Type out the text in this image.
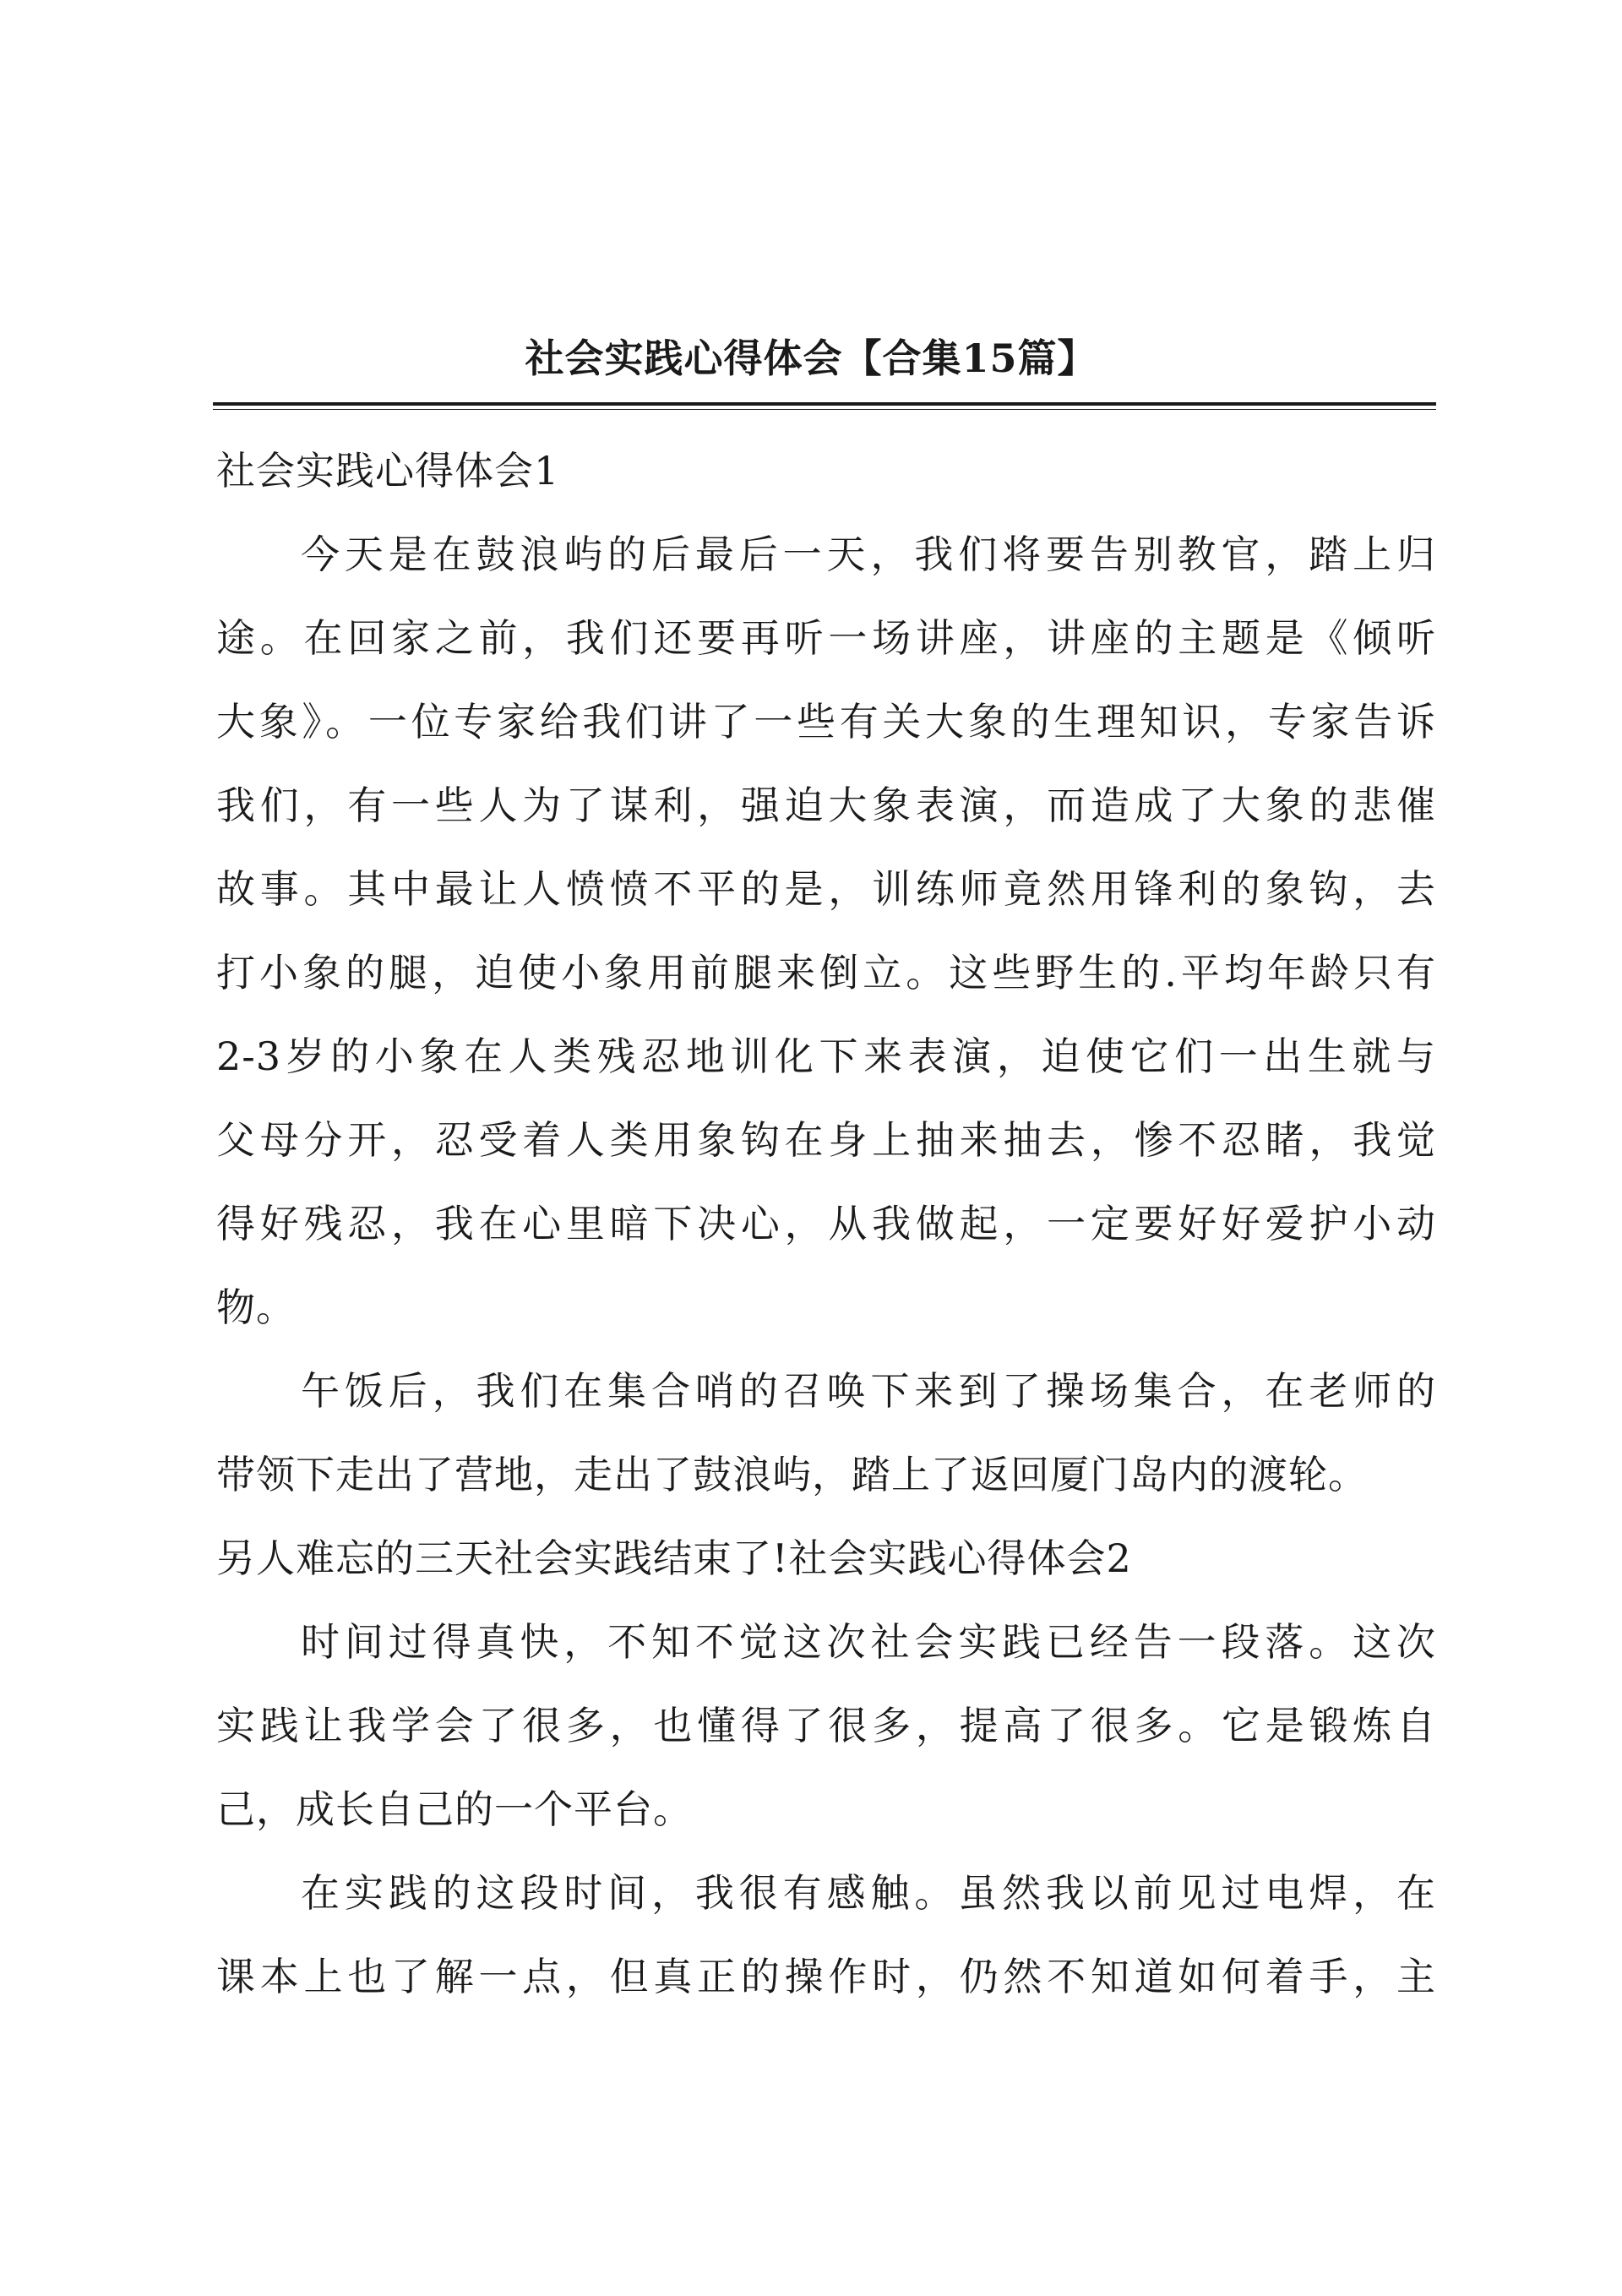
社会实践心得体会【合集15篇】
社会实践心得体会1
今天是在鼓浪屿的后最后一天，我们将要告别教官，踏上归
途。在回家之前，我们还要再听一场讲座，讲座的主题是《倾听
大象》。一位专家给我们讲了一些有关大象的生理知识，专家告诉
我们，有一些人为了谋利，强迫大象表演，而造成了大象的悲催
故事。其中最让人愤愤不平的是，训练师竟然用锋利的象钩，去
打小象的腿，迫使小象用前腿来倒立。这些野生的.平均年龄只有
2-3岁的小象在人类残忍地训化下来表演，迫使它们一出生就与
父母分开，忍受着人类用象钩在身上抽来抽去，惨不忍睹，我觉
得好残忍，我在心里暗下决心，从我做起，一定要好好爱护小动
物。
午饭后，我们在集合哨的召唤下来到了操场集合，在老师的
带领下走出了营地，走出了鼓浪屿，踏上了返回厦门岛内的渡轮。
另人难忘的三天社会实践结束了!社会实践心得体会2
时间过得真快，不知不觉这次社会实践已经告一段落。这次
实践让我学会了很多，也懂得了很多，提高了很多。它是锻炼自
己，成长自己的一个平台。
在实践的这段时间，我很有感触。虽然我以前见过电焊，在
课本上也了解一点，但真正的操作时，仍然不知道如何着手，主
